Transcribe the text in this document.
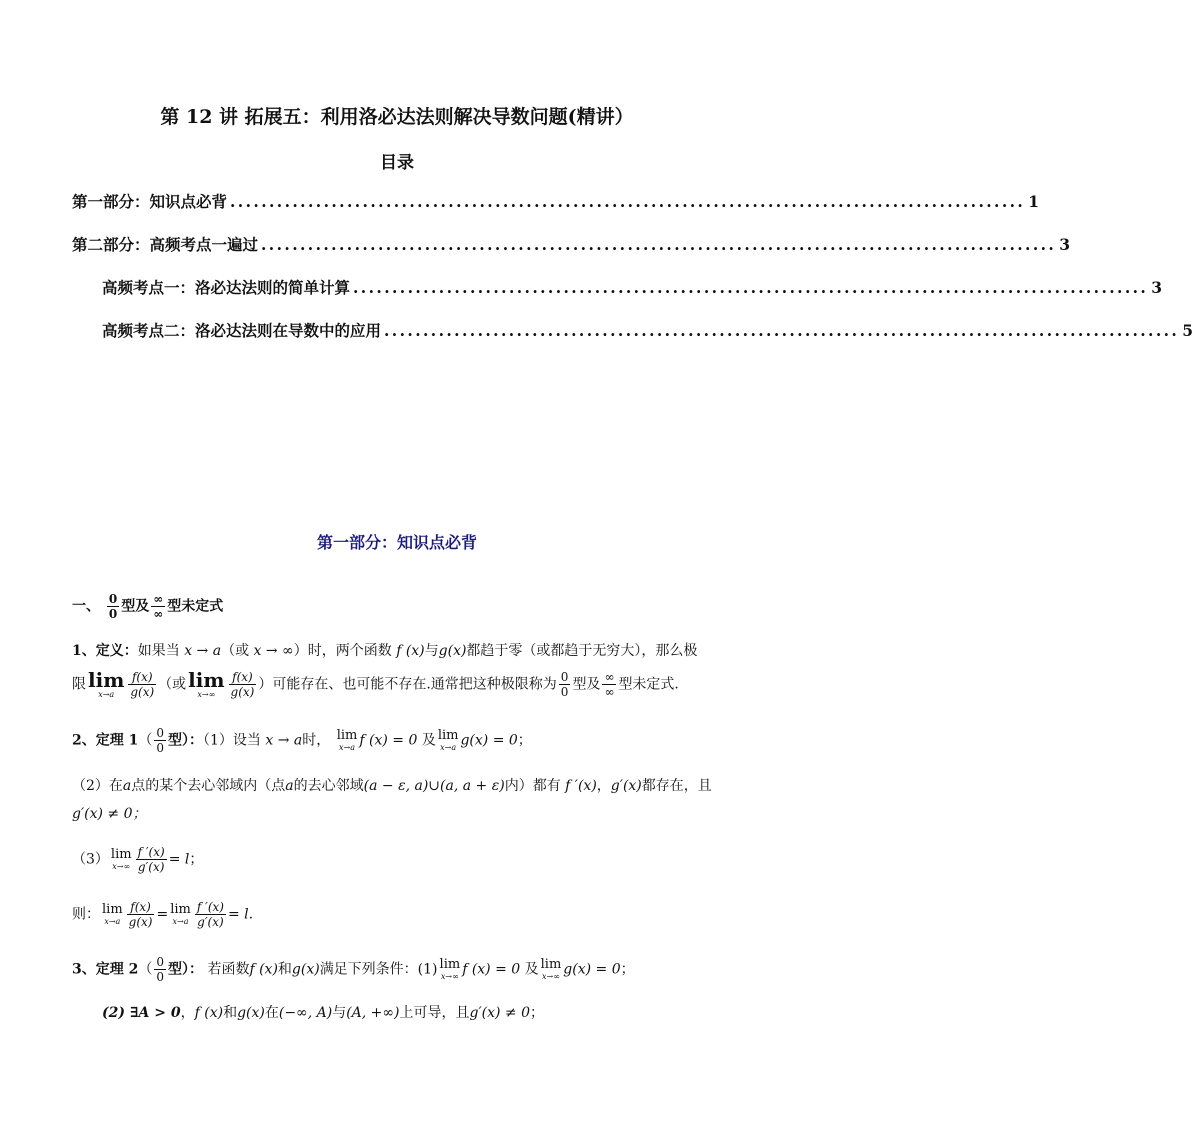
第 12 讲 拓展五：利用洛必达法则解决导数问题(精讲）
目录
第一部分：知识点必背 ...................................................................................................... 1
第二部分：高频考点一遍过 ...................................................................................................... 3
高频考点一：洛必达法则的简单计算 ...................................................................................................... 3
高频考点二：洛必达法则在导数中的应用 ...................................................................................................... 5
第一部分：知识点必背
一、 $\frac{0}{0}$ 型及 $\frac{\infty}{\infty}$ 型未定式
1、定义：如果当 x → a（或 x → ∞）时，两个函数 f (x)与g(x)都趋于零（或都趋于无穷大），那么极
限 lim
x→a	$\frac{f(x)}{g(x)}$ （或 lim
x→∞	$\frac{f(x)}{g(x)}$ ）可能存在、也可能不存在.通常把这种极限称为 $\frac{0}{0}$ 型及 $\frac{\infty}{\infty}$ 型未定式.
2、定理 $1( \frac{0}{0}$ 型）：（1）设当 x → a时， lim
x→a f (x) = 0 及 lim
x→a g(x) = 0；
（2）在a点的某个去心邻域内（点a的去心邻域(a − ε, a)∪(a, a + ε)内）都有 f ′(x)，g′(x)都存在，且
g′(x) ≠ 0；
（3） lim
$x\to\infty \frac{f '(x)}{g'(x)} = l$；
则： lim
$x\to a \frac{f(x)}{g(x)} = \lim$
$x\to a \frac{f '(x)}{g'(x)} = l$.
3、定理 $2( \frac{0}{0}$ 型）： 若函数f (x)和g(x)满足下列条件：(1) lim
x→∞ f (x) = 0 及 lim
x→∞ g(x) = 0；
(2) ∃A > 0，f (x)和g(x)在(−∞, A)与(A, +∞)上可导，且g′(x) ≠ 0；
